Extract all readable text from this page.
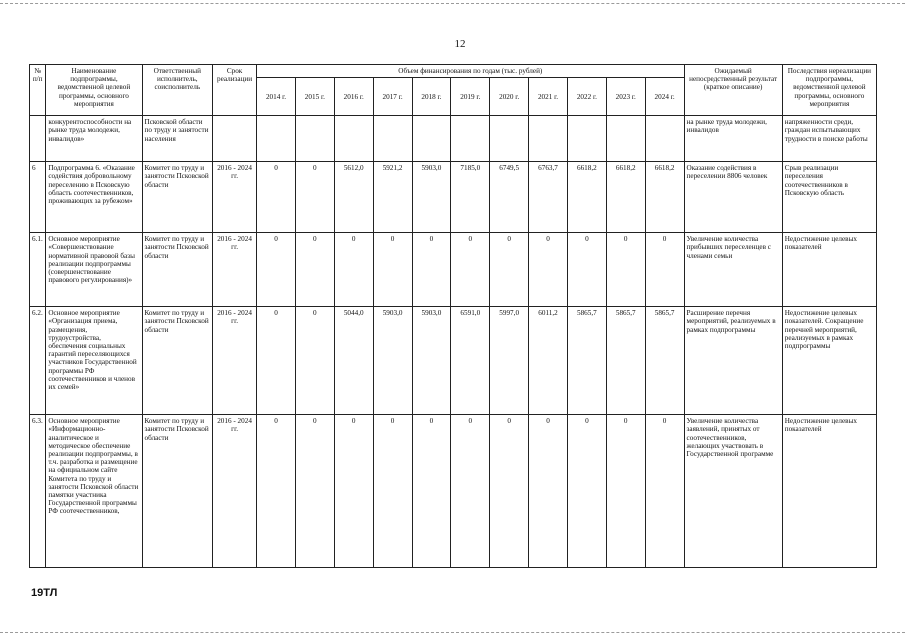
12
№ п/п	Наименование подпрограммы, ведомственной целевой программы, основного мероприятия	Ответственный исполнитель, соисполнитель	Срок реализации	Объем финансирования по годам (тыс. рублей)											Ожидаемый непосредственный результат (краткое описание)	Последствия нереализации подпрограммы, ведомственной целевой программы, основного мероприятия
				2014 г.	2015 г.	2016 г.	2017 г.	2018 г.	2019 г.	2020 г.	2021 г.	2022 г.	2023 г.	2024 г.		
	конкурентоспособности на рынке труда молодежи, инвалидов»	Псковской области по труду и занятости населения													на рынке труда молодежи, инвалидов	напряженности среди, граждан испытывающих трудности в поиске работы
6	Подпрограмма 6. «Оказание содействия добровольному переселению в Псковскую область соотечественников, проживающих за рубежом»	Комитет по труду и занятости Псковской области	2016 - 2024 гг.	0	0	5612,0	5921,2	5903,0	7185,0	6749,5	6763,7	6618,2	6618,2	6618,2	Оказание содействия в переселении 8806 человек	Срыв реализации переселения соотечественников в Псковскую область
6.1.	Основное мероприятие «Совершенствование нормативной правовой базы реализации подпрограммы (совершенствование правового регулирования)»	Комитет по труду и занятости Псковской области	2016 - 2024 гг.	0	0	0	0	0	0	0	0	0	0	0	Увеличение количества прибывших переселенцев с членами семьи	Недостижение целевых показателей
6.2.	Основное мероприятие «Организация приема, размещения, трудоустройства, обеспечения социальных гарантий переселяющихся участников Государственной программы РФ соотечественников и членов их семей»	Комитет по труду и занятости Псковской области	2016 - 2024 гг.	0	0	5044,0	5903,0	5903,0	6591,0	5997,0	6011,2	5865,7	5865,7	5865,7	Расширение перечня мероприятий, реализуемых в рамках подпрограммы	Недостижение целевых показателей. Сокращение перечней мероприятий, реализуемых в рамках подпрограммы
6.3.	Основное мероприятие «Информационно-аналитическое и методическое обеспечение реализации подпрограммы, в т.ч. разработка и размещение на официальном сайте Комитета по труду и занятости Псковской области памятки участника Государственной программы РФ соотечественников,	Комитет по труду и занятости Псковской области	2016 - 2024 гг.	0	0	0	0	0	0	0	0	0	0	0	Увеличение количества заявлений, принятых от соотечественников, желающих участвовать в Государственной программе	Недостижение целевых показателей
19ТЛ
